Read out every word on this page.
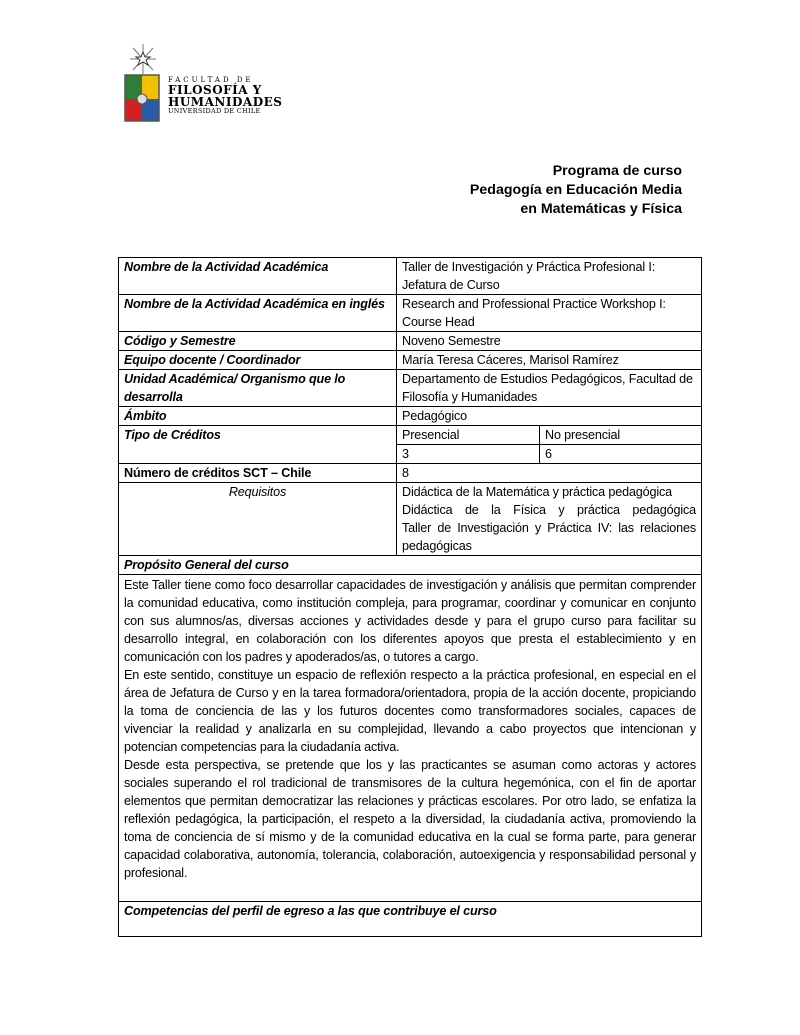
FACULTAD DE
FILOSOFÍA Y
HUMANIDADES
UNIVERSIDAD DE CHILE
Programa de curso
Pedagogía en Educación Media
en Matemáticas y Física
Nombre de la Actividad Académica	Taller de Investigación y Práctica Profesional I: Jefatura de Curso	
Nombre de la Actividad Académica en inglés	Research and Professional Practice Workshop I: Course Head	
Código y Semestre	Noveno Semestre	
Equipo docente / Coordinador	María Teresa Cáceres, Marisol Ramírez	
Unidad Académica/ Organismo que lo desarrolla	Departamento de Estudios Pedagógicos, Facultad de Filosofía y Humanidades	
Ámbito	Pedagógico	
Tipo de Créditos	Presencial	No presencial
	3	6
Número de créditos SCT – Chile	8	
Requisitos	Didáctica de la Matemática y práctica pedagógica
Didáctica de la Física y práctica pedagógica
Taller de Investigación y Práctica IV: las relaciones pedagógicas	

Propósito General del curso		

Este Taller tiene como foco desarrollar capacidades de investigación y análisis que permitan comprender la comunidad educativa, como institución compleja, para programar, coordinar y comunicar en conjunto con sus alumnos/as, diversas acciones y actividades desde y para el grupo curso para facilitar su desarrollo integral, en colaboración con los diferentes apoyos que presta el establecimiento y en comunicación con los padres y apoderados/as, o tutores a cargo.

En este sentido, constituye un espacio de reflexión respecto a la práctica profesional, en especial en el área de Jefatura de Curso y en la tarea formadora/orientadora, propia de la acción docente, propiciando la toma de conciencia de las y los futuros docentes como transformadores sociales, capaces de vivenciar la realidad y analizarla en su complejidad, llevando a cabo proyectos que intencionan y potencian competencias para la ciudadanía activa.

Desde esta perspectiva, se pretende que los y las practicantes se asuman como actoras y actores sociales superando el rol tradicional de transmisores de la cultura hegemónica, con el fin de aportar elementos que permitan democratizar las relaciones y prácticas escolares. Por otro lado, se enfatiza la reflexión pedagógica, la participación, el respeto a la diversidad, la ciudadanía activa, promoviendo la toma de conciencia de sí mismo y de la comunidad educativa en la cual se forma parte, para generar capacidad colaborativa, autonomía, tolerancia, colaboración, autoexigencia y responsabilidad personal y profesional.		

Competencias del perfil de egreso a las que contribuye el curso		
